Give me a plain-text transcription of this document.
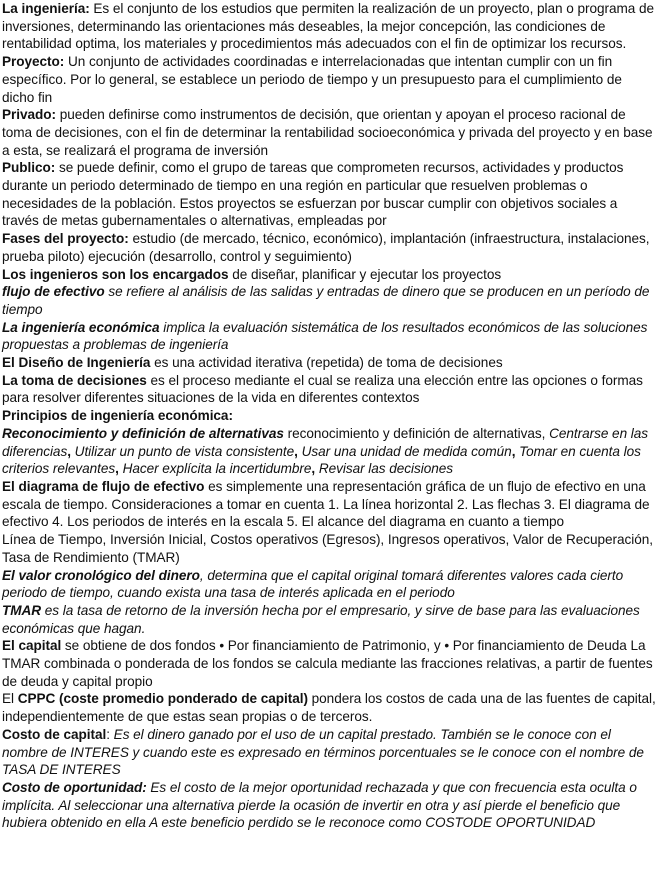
La ingeniería: Es el conjunto de los estudios que permiten la realización de un proyecto, plan o programa de inversiones, determinando las orientaciones más deseables, la mejor concepción, las condiciones de rentabilidad optima, los materiales y procedimientos más adecuados con el fin de optimizar los recursos.

Proyecto: Un conjunto de actividades coordinadas e interrelacionadas que intentan cumplir con un fin específico. Por lo general, se establece un periodo de tiempo y un presupuesto para el cumplimiento de dicho fin

Privado: pueden definirse como instrumentos de decisión, que orientan y apoyan el proceso racional de toma de decisiones, con el fin de determinar la rentabilidad socioeconómica y privada del proyecto y en base a esta, se realizará el programa de inversión

Publico: se puede definir, como el grupo de tareas que comprometen recursos, actividades y productos durante un periodo determinado de tiempo en una región en particular que resuelven problemas o necesidades de la población. Estos proyectos se esfuerzan por buscar cumplir con objetivos sociales a través de metas gubernamentales o alternativas, empleadas por

Fases del proyecto: estudio (de mercado, técnico, económico), implantación (infraestructura, instalaciones, prueba piloto) ejecución (desarrollo, control y seguimiento)

Los ingenieros son los encargados de diseñar, planificar y ejecutar los proyectos

flujo de efectivo se refiere al análisis de las salidas y entradas de dinero que se producen en un período de tiempo

La ingeniería económica implica la evaluación sistemática de los resultados económicos de las soluciones propuestas a problemas de ingeniería

El Diseño de Ingeniería es una actividad iterativa (repetida) de toma de decisiones

La toma de decisiones es el proceso mediante el cual se realiza una elección entre las opciones o formas para resolver diferentes situaciones de la vida en diferentes contextos

Principios de ingeniería económica:

Reconocimiento y definición de alternativas reconocimiento y definición de alternativas, Centrarse en las diferencias, Utilizar un punto de vista consistente, Usar una unidad de medida común, Tomar en cuenta los criterios relevantes, Hacer explícita la incertidumbre, Revisar las decisiones

El diagrama de flujo de efectivo es simplemente una representación gráfica de un flujo de efectivo en una escala de tiempo. Consideraciones a tomar en cuenta 1. La línea horizontal 2. Las flechas 3. El diagrama de efectivo 4. Los periodos de interés en la escala 5. El alcance del diagrama en cuanto a tiempo

Línea de Tiempo, Inversión Inicial, Costos operativos (Egresos), Ingresos operativos, Valor de Recuperación, Tasa de Rendimiento (TMAR)

El valor cronológico del dinero, determina que el capital original tomará diferentes valores cada cierto periodo de tiempo, cuando exista una tasa de interés aplicada en el periodo

TMAR es la tasa de retorno de la inversión hecha por el empresario, y sirve de base para las evaluaciones económicas que hagan.

El capital se obtiene de dos fondos • Por financiamiento de Patrimonio, y • Por financiamiento de Deuda La TMAR combinada o ponderada de los fondos se calcula mediante las fracciones relativas, a partir de fuentes de deuda y capital propio

El CPPC (coste promedio ponderado de capital) pondera los costos de cada una de las fuentes de capital, independientemente de que estas sean propias o de terceros.

Costo de capital: Es el dinero ganado por el uso de un capital prestado. También se le conoce con el nombre de INTERES y cuando este es expresado en términos porcentuales se le conoce con el nombre de TASA DE INTERES

Costo de oportunidad: Es el costo de la mejor oportunidad rechazada y que con frecuencia esta oculta o implícita. Al seleccionar una alternativa pierde la ocasión de invertir en otra y así pierde el beneficio que hubiera obtenido en ella A este beneficio perdido se le reconoce como COSTODE OPORTUNIDAD
